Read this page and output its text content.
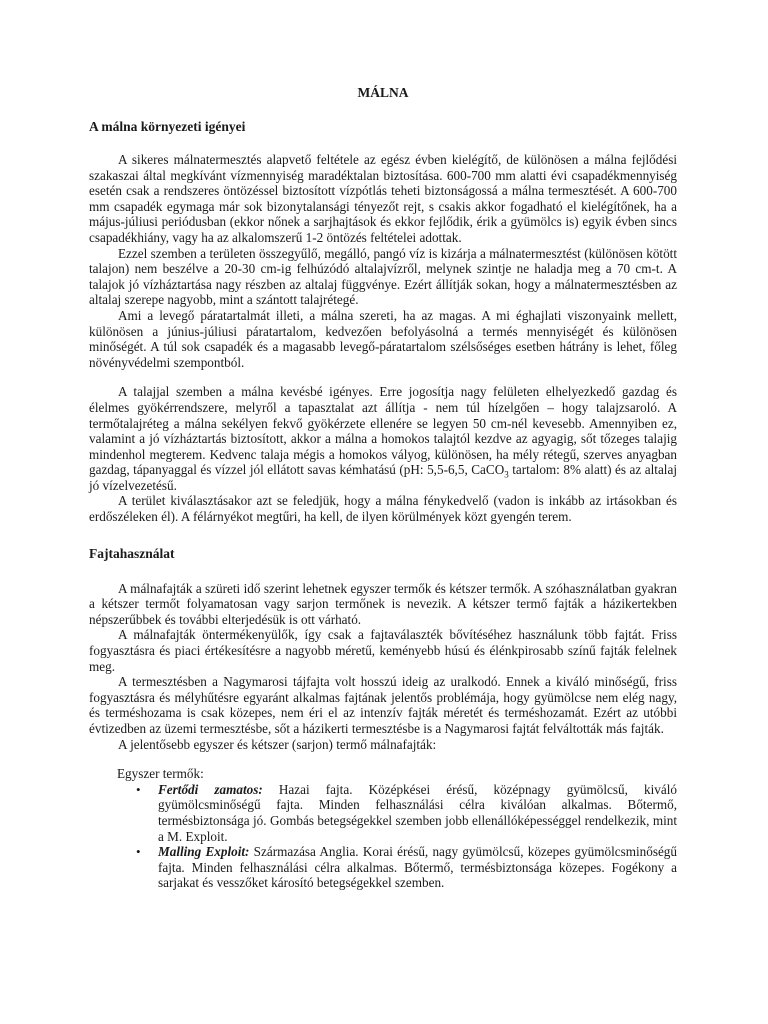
MÁLNA
A málna környezeti igényei

A sikeres málnatermesztés alapvető feltétele az egész évben kielégítő, de különösen a málna fejlődési szakaszai által megkívánt vízmennyiség maradéktalan biztosítása. 600-700 mm alatti évi csapadékmennyiség esetén csak a rendszeres öntözéssel biztosított vízpótlás teheti biztonságossá a málna termesztését. A 600-700 mm csapadék egymaga már sok bizonytalansági tényezőt rejt, s csakis akkor fogadható el kielégítőnek, ha a május-júliusi periódusban (ekkor nőnek a sarjhajtások és ekkor fejlődik, érik a gyümölcs is) egyik évben sincs csapadékhiány, vagy ha az alkalomszerű 1-2 öntözés feltételei adottak.

Ezzel szemben a területen összegyűlő, megálló, pangó víz is kizárja a málnatermesztést (különösen kötött talajon) nem beszélve a 20-30 cm-ig felhúzódó altalajvízről, melynek szintje ne haladja meg a 70 cm-t. A talajok jó vízháztartása nagy részben az altalaj függvénye. Ezért állítják sokan, hogy a málnatermesztésben az altalaj szerepe nagyobb, mint a szántott talajrétegé.

Ami a levegő páratartalmát illeti, a málna szereti, ha az magas. A mi éghajlati viszonyaink mellett, különösen a június-júliusi páratartalom, kedvezően befolyásolná a termés mennyiségét és különösen minőségét. A túl sok csapadék és a magasabb levegő-páratartalom szélsőséges esetben hátrány is lehet, főleg növényvédelmi szempontból.

A talajjal szemben a málna kevésbé igényes. Erre jogosítja nagy felületen elhelyezkedő gazdag és élelmes gyökérrendszere, melyről a tapasztalat azt állítja - nem túl hízelgően – hogy talajzsaroló. A termőtalajréteg a málna sekélyen fekvő gyökérzete ellenére se legyen 50 cm-nél kevesebb. Amennyiben ez, valamint a jó vízháztartás biztosított, akkor a málna a homokos talajtól kezdve az agyagig, sőt tőzeges talajig mindenhol megterem. Kedvenc talaja mégis a homokos vályog, különösen, ha mély rétegű, szerves anyagban gazdag, tápanyaggal és vízzel jól ellátott savas kémhatású (pH: 5,5-6,5, CaCO$_3$ tartalom: 8% alatt) és az altalaj jó vízelvezetésű.

A terület kiválasztásakor azt se feledjük, hogy a málna fénykedvelő (vadon is inkább az irtásokban és erdőszéleken él). A félárnyékot megtűri, ha kell, de ilyen körülmények közt gyengén terem.

Fajtahasználat

A málnafajták a szüreti idő szerint lehetnek egyszer termők és kétszer termők. A szóhasználatban gyakran a kétszer termőt folyamatosan vagy sarjon termőnek is nevezik. A kétszer termő fajták a házikertekben népszerűbbek és további elterjedésük is ott várható.

A málnafajták öntermékenyülők, így csak a fajtaválaszték bővítéséhez használunk több fajtát. Friss fogyasztásra és piaci értékesítésre a nagyobb méretű, keményebb húsú és élénkpirosabb színű fajták felelnek meg.

A termesztésben a Nagymarosi tájfajta volt hosszú ideig az uralkodó. Ennek a kiváló minőségű, friss fogyasztásra és mélyhűtésre egyaránt alkalmas fajtának jelentős problémája, hogy gyümölcse nem elég nagy, és terméshozama is csak közepes, nem éri el az intenzív fajták méretét és terméshozamát. Ezért az utóbbi évtizedben az üzemi termesztésbe, sőt a házikerti termesztésbe is a Nagymarosi fajtát felváltották más fajták.

A jelentősebb egyszer és kétszer (sarjon) termő málnafajták:

Egyszer termők:
• Fertődi zamatos: Hazai fajta. Középkései érésű, középnagy gyümölcsű, kiváló gyümölcsminőségű fajta. Minden felhasználási célra kiválóan alkalmas. Bőtermő, termésbiztonsága jó. Gombás betegségekkel szemben jobb ellenállóképességgel rendelkezik, mint a M. Exploit.
• Malling Exploit: Származása Anglia. Korai érésű, nagy gyümölcsű, közepes gyümölcsminőségű fajta. Minden felhasználási célra alkalmas. Bőtermő, termésbiztonsága közepes. Fogékony a sarjakat és vesszőket károsító betegségekkel szemben.
